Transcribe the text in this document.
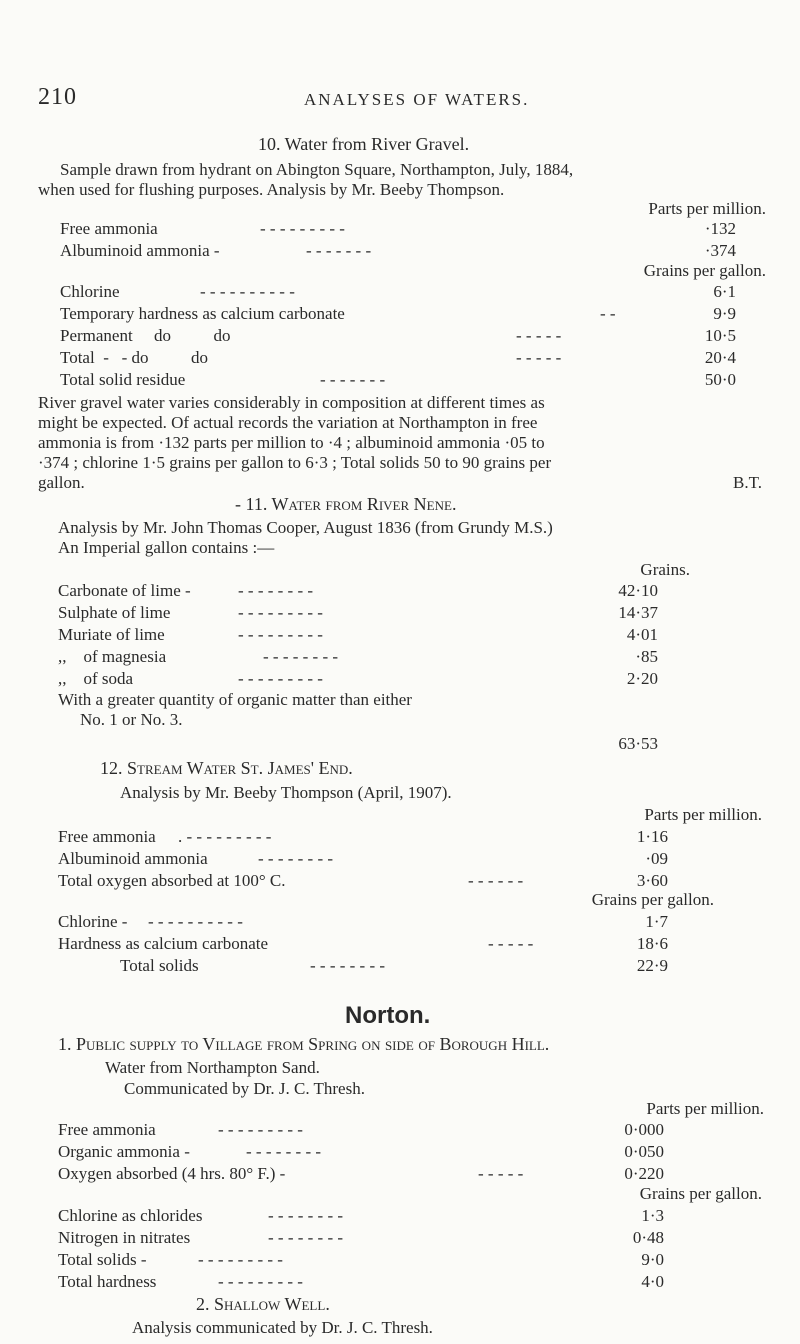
210	ANALYSES OF WATERS.
10. Water from River Gravel.
Sample drawn from hydrant on Abington Square, Northampton, July, 1884,
when used for flushing purposes. Analysis by Mr. Beeby Thompson.
Parts per million.
Free ammonia	- - - - - - - - -	·132
Albuminoid ammonia -	- - - - - - -	·374
Grains per gallon.
Chlorine	- - - - - - - - - -	6·1
Temporary hardness as calcium carbonate	- -	9·9
Permanent     do          do	- - - - -	10·5
Total  -   - do          do	- - - - -	20·4
Total solid residue	- - - - - - -	50·0
River gravel water varies considerably in composition at different times as
might be expected. Of actual records the variation at Northampton in free
ammonia is from ·132 parts per million to ·4 ; albuminoid ammonia ·05 to
·374 ; chlorine 1·5 grains per gallon to 6·3 ; Total solids 50 to 90 grains per
gallon.	B.T.
- 11. Water from River Nene.
Analysis by Mr. John Thomas Cooper, August 1836 (from Grundy M.S.)
An Imperial gallon contains :—
Grains.
Carbonate of lime -	- - - - - - - -	42·10
Sulphate of lime	- - - - - - - - -	14·37
Muriate of lime	- - - - - - - - -	4·01
,,    of magnesia	- - - - - - - -	·85
,,    of soda	- - - - - - - - -	2·20
With a greater quantity of organic matter than either
No. 1 or No. 3.
63·53
12. Stream Water St. James' End.
Analysis by Mr. Beeby Thompson (April, 1907).
Parts per million.
Free ammonia . - - - - - - - - -	1·16
Albuminoid ammonia	- - - - - - - -	·09
Total oxygen absorbed at 100° C.	- - - - - -	3·60
Grains per gallon.
Chlorine - - - - - - - - - - -	1·7
Hardness as calcium carbonate	- - - - -	18·6
Total solids	- - - - - - - -	22·9
Norton.
1. Public supply to Village from Spring on side of Borough Hill.
Water from Northampton Sand.
Communicated by Dr. J. C. Thresh.
Parts per million.
Free ammonia	- - - - - - - - -	0·000
Organic ammonia -	- - - - - - - -	0·050
Oxygen absorbed (4 hrs. 80° F.) -	- - - - -	0·220
Grains per gallon.
Chlorine as chlorides	- - - - - - - -	1·3
Nitrogen in nitrates	- - - - - - - -	0·48
Total solids -	- - - - - - - - -	9·0
Total hardness	- - - - - - - - -	4·0
2. Shallow Well.
Analysis communicated by Dr. J. C. Thresh.
